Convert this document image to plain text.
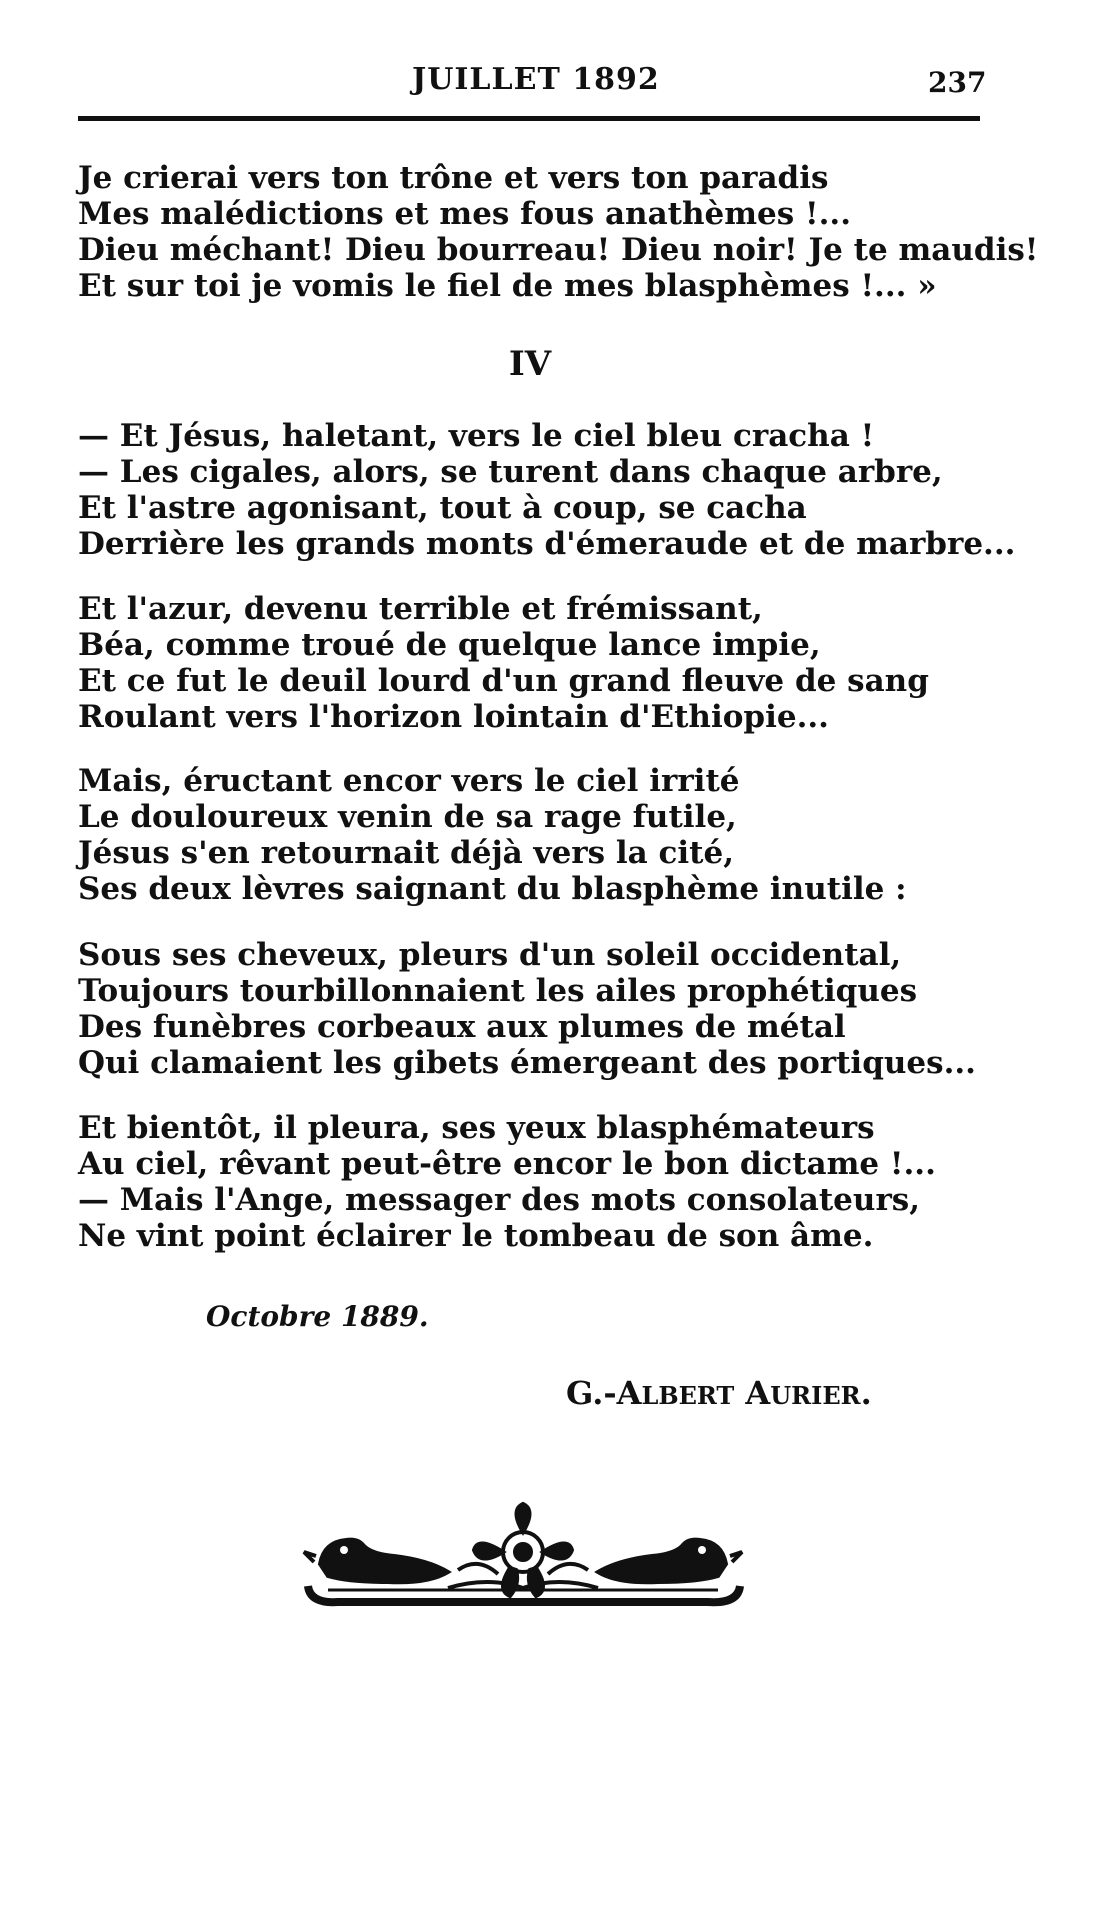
JUILLET 1892	237
Je crierai vers ton trône et vers ton paradis
Mes malédictions et mes fous anathèmes !...
Dieu méchant! Dieu bourreau! Dieu noir! Je te maudis!
Et sur toi je vomis le fiel de mes blasphèmes !... »
IV
— Et Jésus, haletant, vers le ciel bleu cracha !
— Les cigales, alors, se turent dans chaque arbre,
Et l'astre agonisant, tout à coup, se cacha
Derrière les grands monts d'émeraude et de marbre...
Et l'azur, devenu terrible et frémissant,
Béa, comme troué de quelque lance impie,
Et ce fut le deuil lourd d'un grand fleuve de sang
Roulant vers l'horizon lointain d'Ethiopie...
Mais, éructant encor vers le ciel irrité
Le douloureux venin de sa rage futile,
Jésus s'en retournait déjà vers la cité,
Ses deux lèvres saignant du blasphème inutile :
Sous ses cheveux, pleurs d'un soleil occidental,
Toujours tourbillonnaient les ailes prophétiques
Des funèbres corbeaux aux plumes de métal
Qui clamaient les gibets émergeant des portiques...
Et bientôt, il pleura, ses yeux blasphémateurs
Au ciel, rêvant peut-être encor le bon dictame !...
— Mais l'Ange, messager des mots consolateurs,
Ne vint point éclairer le tombeau de son âme.
Octobre 1889.
G.-ALBERT AURIER.
